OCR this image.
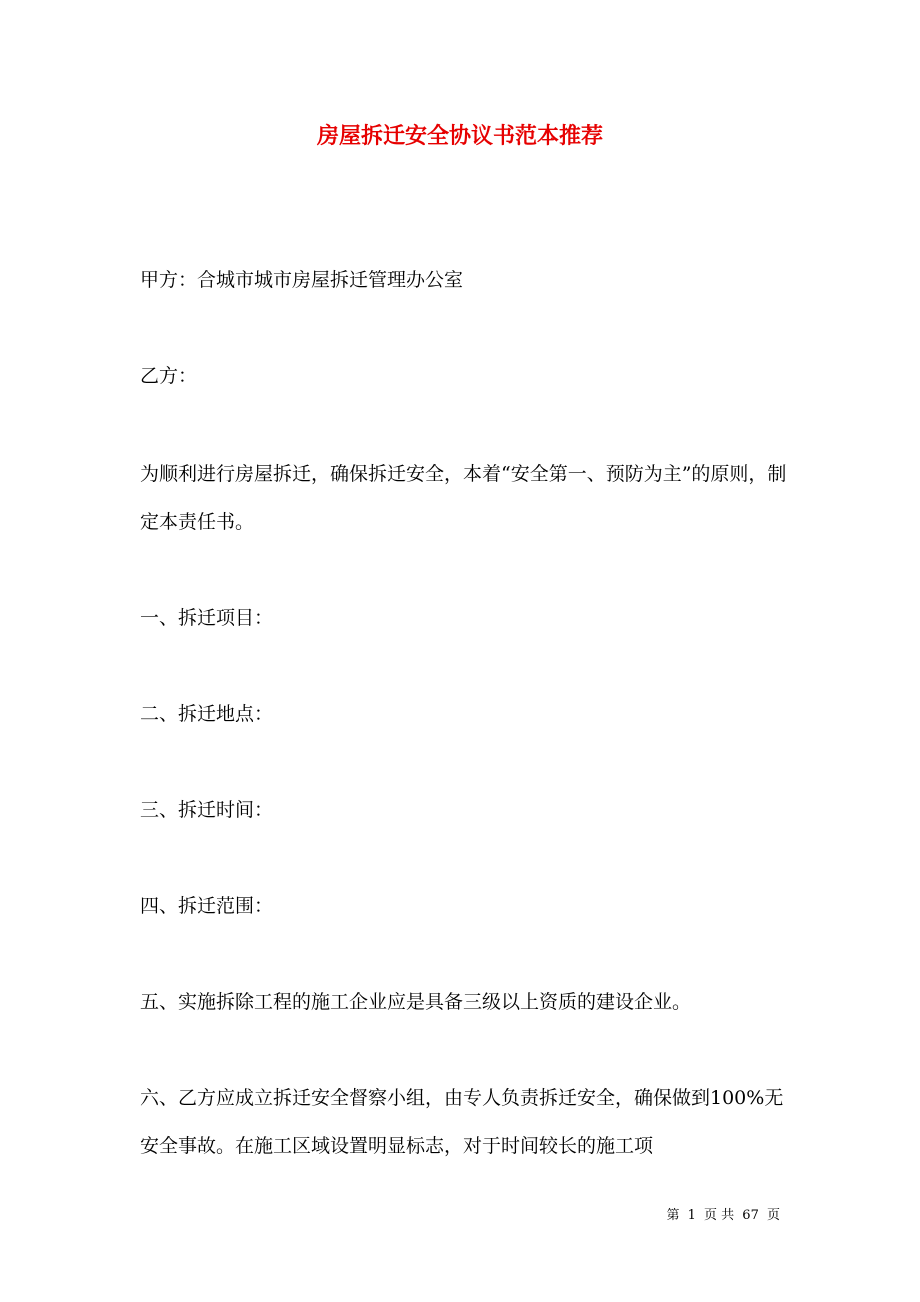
房屋拆迁安全协议书范本推荐

甲方：合城市城市房屋拆迁管理办公室

乙方：

为顺利进行房屋拆迁，确保拆迁安全，本着“安全第一、预防为主”的原则，制定本责任书。

一、拆迁项目：

二、拆迁地点：

三、拆迁时间：

四、拆迁范围：

五、实施拆除工程的施工企业应是具备三级以上资质的建设企业。

六、乙方应成立拆迁安全督察小组，由专人负责拆迁安全，确保做到100%无安全事故。在施工区域设置明显标志，对于时间较长的施工项

第 1 页 共 67 页
